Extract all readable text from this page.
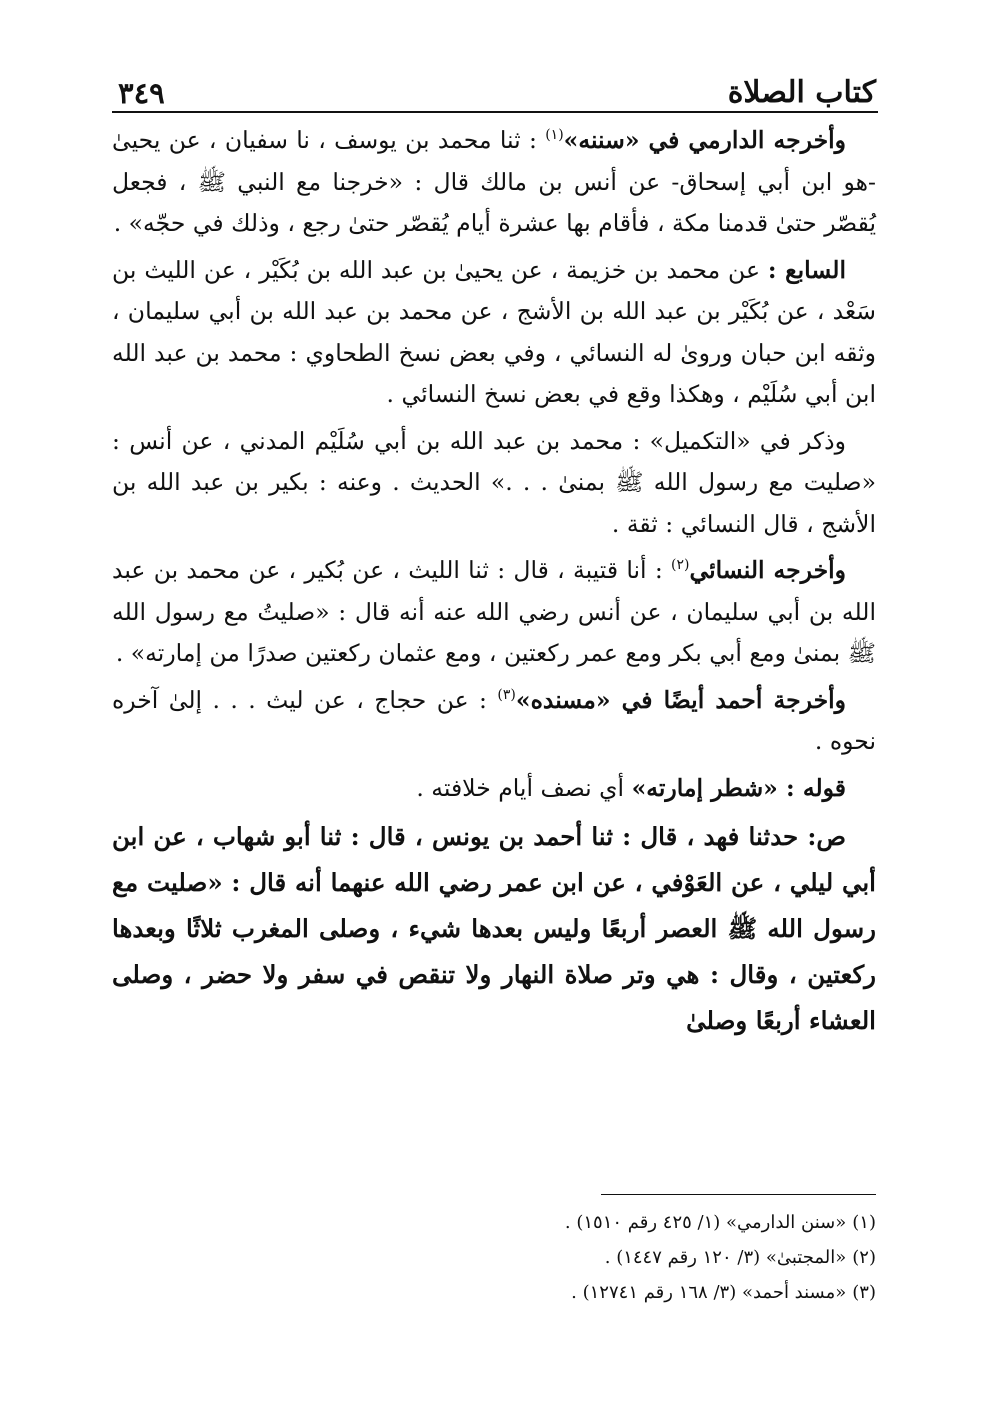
كتاب الصلاة
٣٤٩

وأخرجه الدارمي في «سننه»$^{(١)}$ : ثنا محمد بن يوسف ، نا سفيان ، عن يحيىٰ -هو ابن أبي إسحاق- عن أنس بن مالك قال : «خرجنا مع النبي ﷺ ، فجعل يُقصّر حتىٰ قدمنا مكة ، فأقام بها عشرة أيام يُقصّر حتىٰ رجع ، وذلك في حجّه» .

السابع : عن محمد بن خزيمة ، عن يحيىٰ بن عبد الله بن بُكَيْر ، عن الليث بن سَعْد ، عن بُكَيْر بن عبد الله بن الأشج ، عن محمد بن عبد الله بن أبي سليمان ، وثقه ابن حبان وروىٰ له النسائي ، وفي بعض نسخ الطحاوي : محمد بن عبد الله ابن أبي سُلَيْم ، وهكذا وقع في بعض نسخ النسائي .

وذكر في «التكميل» : محمد بن عبد الله بن أبي سُلَيْم المدني ، عن أنس : «صليت مع رسول الله ﷺ بمنىٰ . . .» الحديث . وعنه : بكير بن عبد الله بن الأشج ، قال النسائي : ثقة .

وأخرجه النسائي$^{(٢)}$ : أنا قتيبة ، قال : ثنا الليث ، عن بُكير ، عن محمد بن عبد الله بن أبي سليمان ، عن أنس رضي الله عنه أنه قال : «صليتُ مع رسول الله ﷺ بمنىٰ ومع أبي بكر ومع عمر ركعتين ، ومع عثمان ركعتين صدرًا من إمارته» .

وأخرجة أحمد أيضًا في «مسنده»$^{(٣)}$ : عن حجاج ، عن ليث . . . إلىٰ آخره نحوه .

قوله : «شطر إمارته» أي نصف أيام خلافته .

ص: حدثنا فهد ، قال : ثنا أحمد بن يونس ، قال : ثنا أبو شهاب ، عن ابن أبي ليلي ، عن العَوْفي ، عن ابن عمر رضي الله عنهما أنه قال : «صليت مع رسول الله ﷺ العصر أربعًا وليس بعدها شيء ، وصلى المغرب ثلاثًا وبعدها ركعتين ، وقال : هي وتر صلاة النهار ولا تنقص في سفر ولا حضر ، وصلى العشاء أربعًا وصلىٰ

(١)«سنن الدارمي» (١/ ٤٢٥ رقم ١٥١٠) .

(٢)«المجتبىٰ» (٣/ ١٢٠ رقم ١٤٤٧) .

(٣)«مسند أحمد» (٣/ ١٦٨ رقم ١٢٧٤١) .
